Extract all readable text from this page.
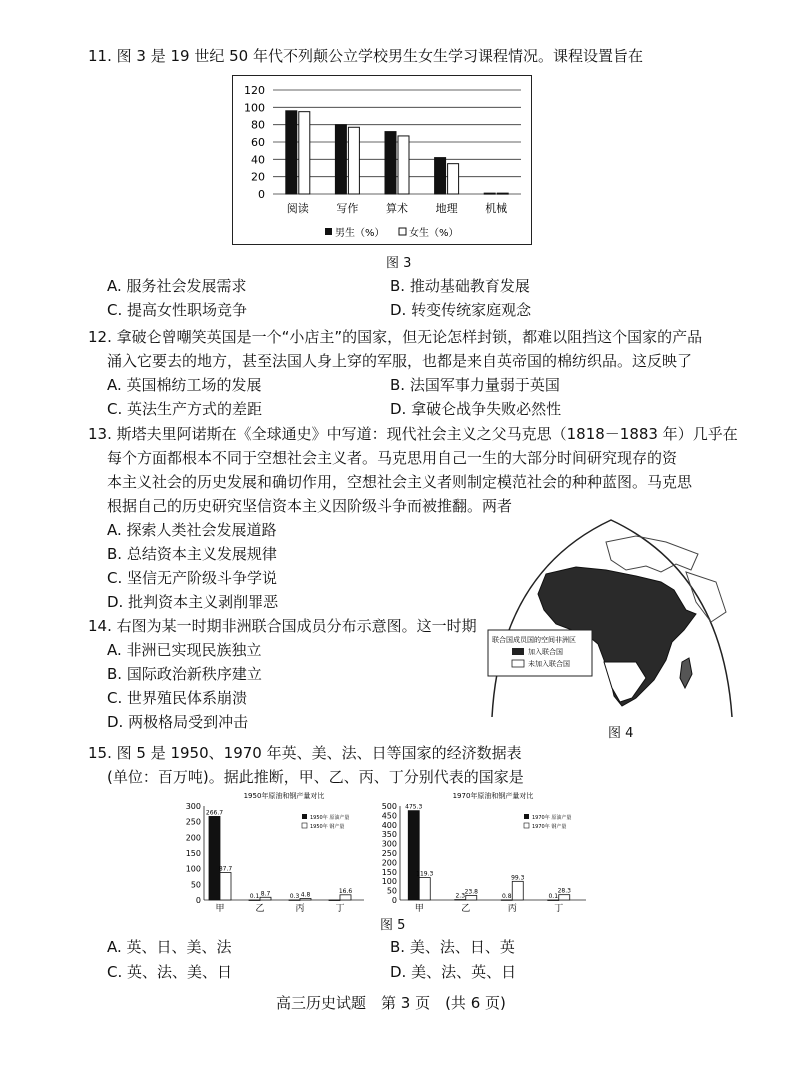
11. 图 3 是 19 世纪 50 年代不列颠公立学校男生女生学习课程情况。课程设置旨在
0
20
40
60
80
100
120
阅读	写作	算术	地理	机械
男生（%） 女生（%）
图 3
A. 服务社会发展需求	B. 推动基础教育发展
C. 提高女性职场竞争	D. 转变传统家庭观念
12. 拿破仑曾嘲笑英国是一个“小店主”的国家，但无论怎样封锁，都难以阻挡这个国家的产品
涌入它要去的地方，甚至法国人身上穿的军服，也都是来自英帝国的棉纺织品。这反映了
A. 英国棉纺工场的发展	B. 法国军事力量弱于英国
C. 英法生产方式的差距	D. 拿破仑战争失败必然性
13. 斯塔夫里阿诺斯在《全球通史》中写道：现代社会主义之父马克思（1818－1883 年）几乎在
每个方面都根本不同于空想社会主义者。马克思用自己一生的大部分时间研究现存的资
本主义社会的历史发展和确切作用，空想社会主义者则制定模范社会的种种蓝图。马克思
根据自己的历史研究坚信资本主义因阶级斗争而被推翻。两者
A. 探索人类社会发展道路
B. 总结资本主义发展规律
C. 坚信无产阶级斗争学说
D. 批判资本主义剥削罪恶
14. 右图为某一时期非洲联合国成员分布示意图。这一时期
A. 非洲已实现民族独立
B. 国际政治新秩序建立
C. 世界殖民体系崩溃
D. 两极格局受到冲击
联合国成员国的空间非洲区
加入联合国
未加入联合国
图 4
15. 图 5 是 1950、1970 年英、美、法、日等国家的经济数据表
(单位：百万吨)。据此推断，甲、乙、丙、丁分别代表的国家是
1950年原油和钢产量对比
0
50
100
150
200
250
300
266.7
87.7
甲
0.1 8.7
乙
0.3 4.8
丙
16.6
丁
1950年 原油产量
1950年 钢产量
1970年原油和钢产量对比
0
50
100
150
200
250
300
350
400
450
500 475.3
119.3
甲
2.3
23.8
乙
0.8
99.3
丙
0.1
28.3
丁
1970年 原油产量
1970年 钢产量
图 5
A. 英、日、美、法	B. 美、法、日、英
C. 英、法、美、日	D. 美、法、英、日
高三历史试题　第 3 页　(共 6 页)
